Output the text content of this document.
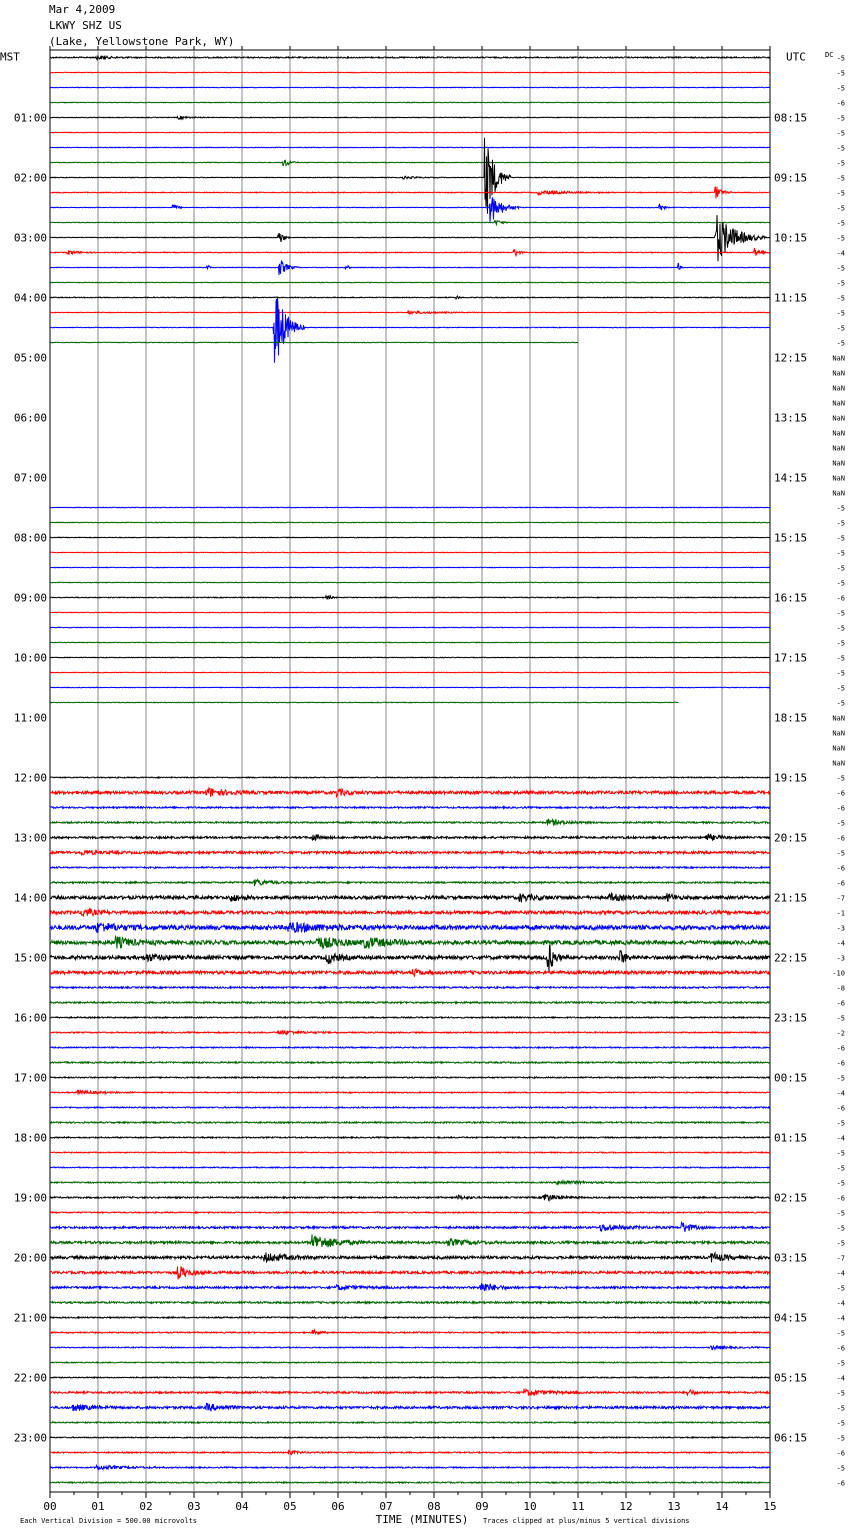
Mar 4,2009
LKWY SHZ US
(Lake, Yellowstone Park, WY)
01:00
02:00
03:00
04:00
05:00
06:00
07:00
08:00
09:00
10:00
11:00
12:00
13:00
14:00
15:00
16:00
17:00
18:00
19:00
20:00
21:00
22:00
23:00
08:15
09:15
10:15
11:15
12:15
13:15
14:15
15:15
16:15
17:15
18:15
19:15
20:15
21:15
22:15
23:15
00:15
01:15
02:15
03:15
04:15
05:15
06:15
MST	UTC	DC -5
-5
-5
-6
-5
-5
-5
-5
-5
-5
-5
-5
-5
-4
-5
-5
-5
-5
-5
-5
NaN
NaN
NaN
NaN
NaN
NaN
NaN
NaN
NaN
NaN
-5
-5
-5
-5
-5
-5
-6
-5
-5
-5
-5
-5
-5
-5
NaN
NaN
NaN
NaN
-5
-6
-6
-5
-6
-5
-6
-6
-7
-1
-3
-4
-3
-10
-8
-6
-5
-2
-6
-6
-5
-4
-6
-5
-4
-5
-5
-5
-6
-5
-5
-5
-7
-4
-5
-4
-4
-5
-6
-5
-4
-5
-5
-5
-5
-6
-5
-6
00	01	02	03	04	05	06	07	08	09	10	11	12	13	14	15
TIME (MINUTES)
Each Vertical Division = 500.00 microvolts	Traces clipped at plus/minus 5 vertical divisions
